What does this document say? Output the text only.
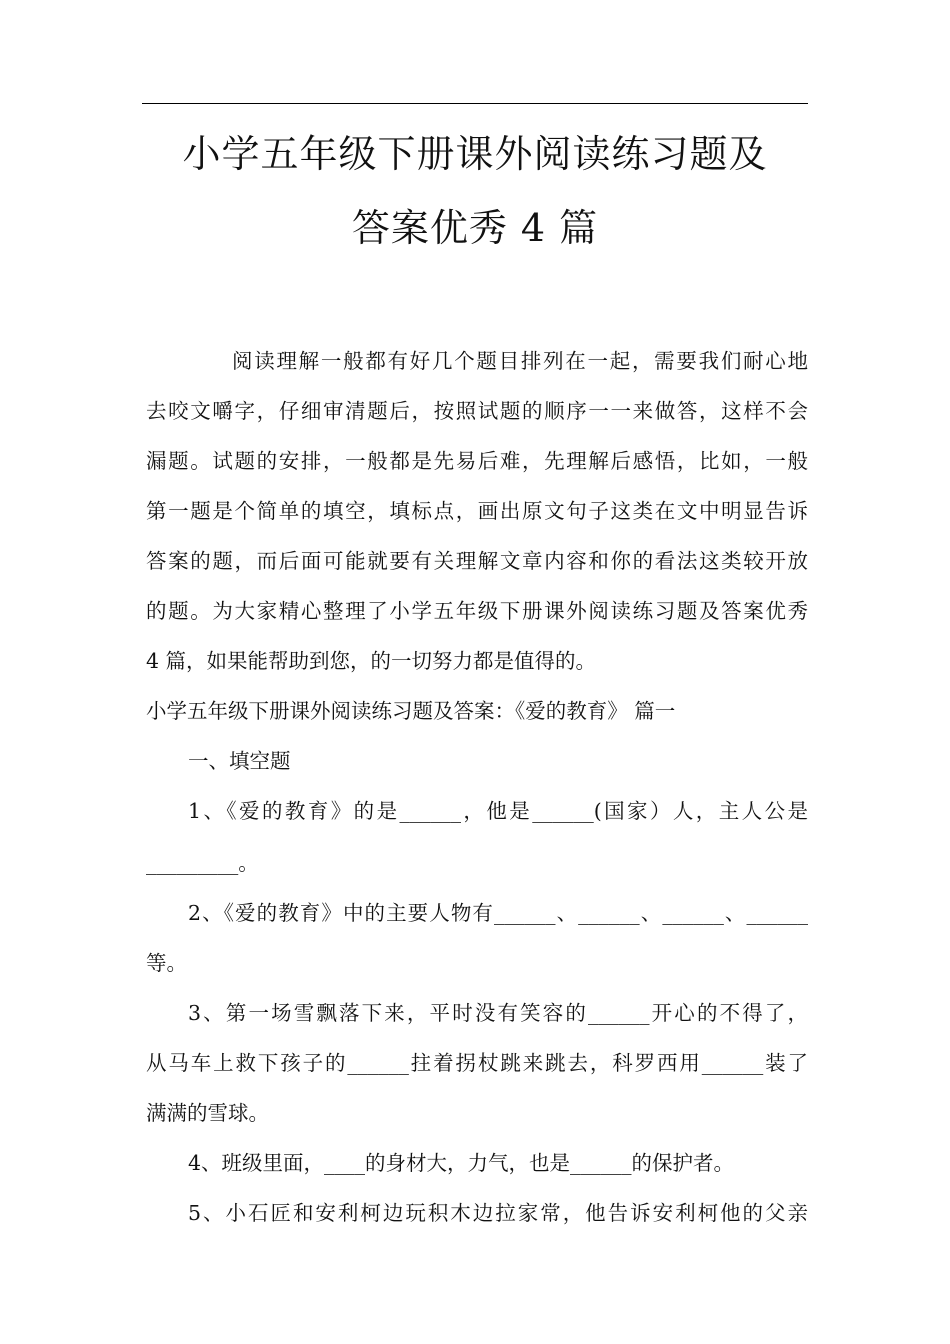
小学五年级下册课外阅读练习题及
答案优秀 4 篇
阅读理解一般都有好几个题目排列在一起，需要我们耐心地
去咬文嚼字，仔细审清题后，按照试题的顺序一一来做答，这样不会
漏题。试题的安排，一般都是先易后难，先理解后感悟，比如，一般
第一题是个简单的填空，填标点，画出原文句子这类在文中明显告诉
答案的题，而后面可能就要有关理解文章内容和你的看法这类较开放
的题。为大家精心整理了小学五年级下册课外阅读练习题及答案优秀
4 篇，如果能帮助到您，的一切努力都是值得的。
小学五年级下册课外阅读练习题及答案：《爱的教育》 篇一
一、填空题
1、《爱的教育》的是______，他是______(国家）人，主人公是
_________。
2、《爱的教育》中的主要人物有______、______、______、______
等。
3、第一场雪飘落下来，平时没有笑容的______开心的不得了，
从马车上救下孩子的______拄着拐杖跳来跳去，科罗西用______装了
满满的雪球。
4、班级里面，____的身材大，力气，也是______的保护者。
5、小石匠和安利柯边玩积木边拉家常，他告诉安利柯他的父亲
